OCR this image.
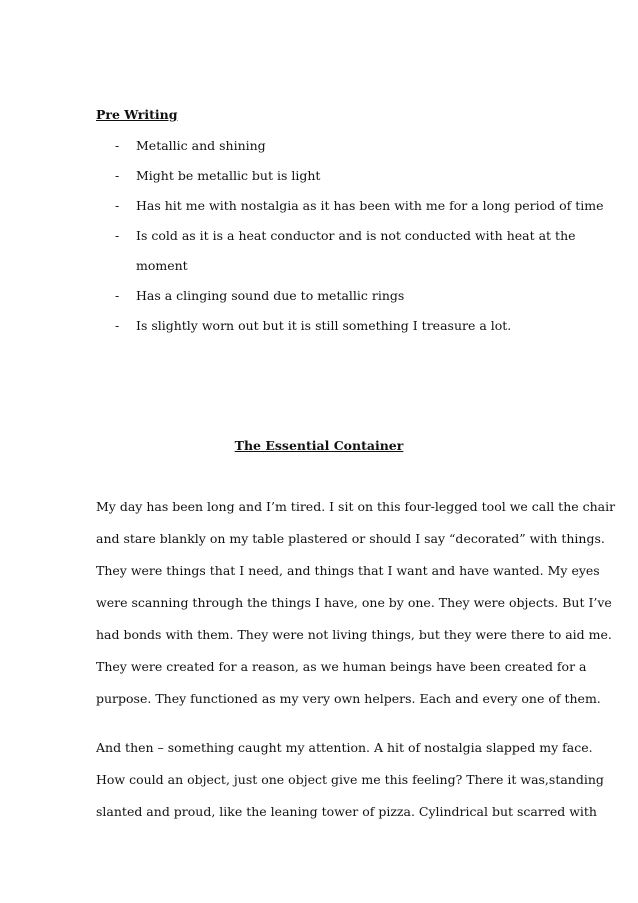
Pre Writing
- Metallic and shining
- Might be metallic but is light
- Has hit me with nostalgia as it has been with me for a long period of time
- Is cold as it is a heat conductor and is not conducted with heat at the
moment
- Has a clinging sound due to metallic rings
- Is slightly worn out but it is still something I treasure a lot.
The Essential Container
My day has been long and I’m tired. I sit on this four-legged tool we call the chair
and stare blankly on my table plastered or should I say “decorated” with things.
They were things that I need, and things that I want and have wanted. My eyes
were scanning through the things I have, one by one. They were objects. But I’ve
had bonds with them. They were not living things, but they were there to aid me.
They were created for a reason, as we human beings have been created for a
purpose. They functioned as my very own helpers. Each and every one of them.
And then – something caught my attention. A hit of nostalgia slapped my face.
How could an object, just one object give me this feeling? There it was,standing
slanted and proud, like the leaning tower of pizza. Cylindrical but scarred with
